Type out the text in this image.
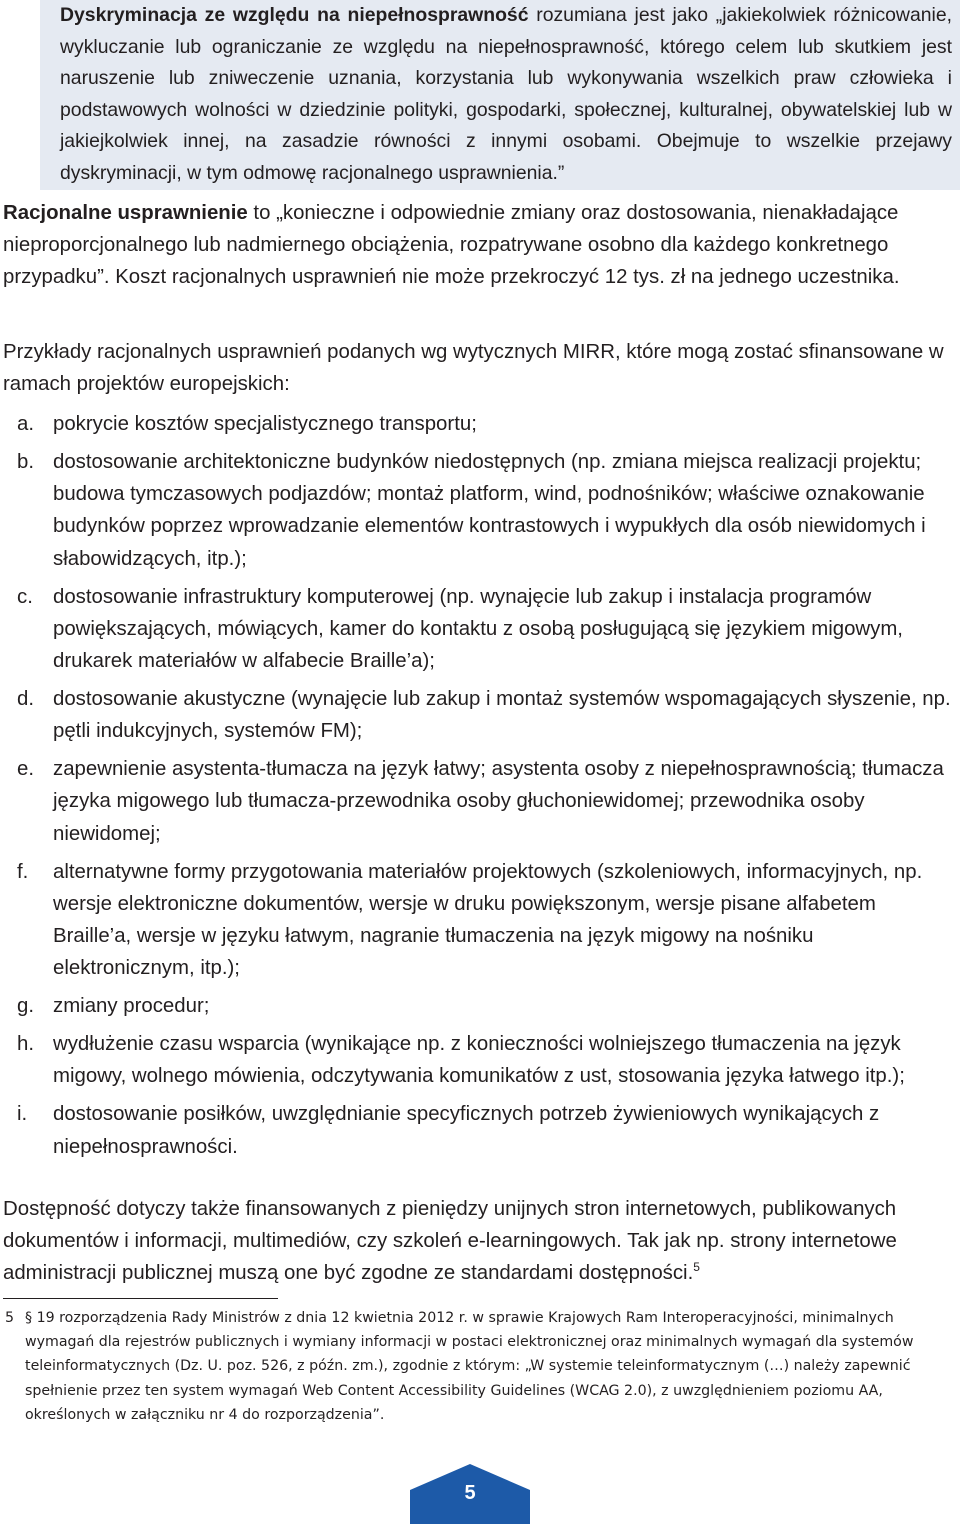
Dyskryminacja ze względu na niepełnosprawność rozumiana jest jako „jakiekolwiek różnicowanie, wykluczanie lub ograniczanie ze względu na niepełnosprawność, którego celem lub skutkiem jest naruszenie lub zniweczenie uznania, korzystania lub wykonywania wszelkich praw człowieka i podstawowych wolności w dziedzinie polityki, gospodarki, społecznej, kulturalnej, obywatelskiej lub w jakiejkolwiek innej, na zasadzie równości z innymi osobami. Obejmuje to wszelkie przejawy dyskryminacji, w tym odmowę racjonalnego usprawnienia.”

Racjonalne usprawnienie to „konieczne i odpowiednie zmiany oraz dostosowania, nienakładające nieproporcjonalnego lub nadmiernego obciążenia, rozpatrywane osobno dla każdego konkretnego przypadku”. Koszt racjonalnych usprawnień nie może przekroczyć 12 tys. zł na jednego uczestnika.

Przykłady racjonalnych usprawnień podanych wg wytycznych MIRR, które mogą zostać sfinansowane w ramach projektów europejskich:

a. pokrycie kosztów specjalistycznego transportu;
b. dostosowanie architektoniczne budynków niedostępnych (np. zmiana miejsca realizacji projektu; budowa tymczasowych podjazdów; montaż platform, wind, podnośników; właściwe oznakowanie budynków poprzez wprowadzanie elementów kontrastowych i wypukłych dla osób niewidomych i słabowidzących, itp.);
c. dostosowanie infrastruktury komputerowej (np. wynajęcie lub zakup i instalacja programów powiększających, mówiących, kamer do kontaktu z osobą posługującą się językiem migowym, drukarek materiałów w alfabecie Braille’a);
d. dostosowanie akustyczne (wynajęcie lub zakup i montaż systemów wspomagających słyszenie, np. pętli indukcyjnych, systemów FM);
e. zapewnienie asystenta-tłumacza na język łatwy; asystenta osoby z niepełnosprawnością; tłumacza języka migowego lub tłumacza-przewodnika osoby głuchoniewidomej; przewodnika osoby niewidomej;
f. alternatywne formy przygotowania materiałów projektowych (szkoleniowych, informacyjnych, np. wersje elektroniczne dokumentów, wersje w druku powiększonym, wersje pisane alfabetem Braille’a, wersje w języku łatwym, nagranie tłumaczenia na język migowy na nośniku elektronicznym, itp.);
g. zmiany procedur;
h. wydłużenie czasu wsparcia (wynikające np. z konieczności wolniejszego tłumaczenia na język migowy, wolnego mówienia, odczytywania komunikatów z ust, stosowania języka łatwego itp.);
i. dostosowanie posiłków, uwzględnianie specyficznych potrzeb żywieniowych wynikających z niepełnosprawności.

Dostępność dotyczy także finansowanych z pieniędzy unijnych stron internetowych, publikowanych dokumentów i informacji, multimediów, czy szkoleń e-learningowych. Tak jak np. strony internetowe administracji publicznej muszą one być zgodne ze standardami dostępności.$^5$

5 § 19 rozporządzenia Rady Ministrów z dnia 12 kwietnia 2012 r. w sprawie Krajowych Ram Interoperacyjności, minimalnych wymagań dla rejestrów publicznych i wymiany informacji w postaci elektronicznej oraz minimalnych wymagań dla systemów teleinformatycznych (Dz. U. poz. 526, z późn. zm.), zgodnie z którym: „W systemie teleinformatycznym (…) należy zapewnić spełnienie przez ten system wymagań Web Content Accessibility Guidelines (WCAG 2.0), z uwzględnieniem poziomu AA, określonych w załączniku nr 4 do rozporządzenia”.
5
